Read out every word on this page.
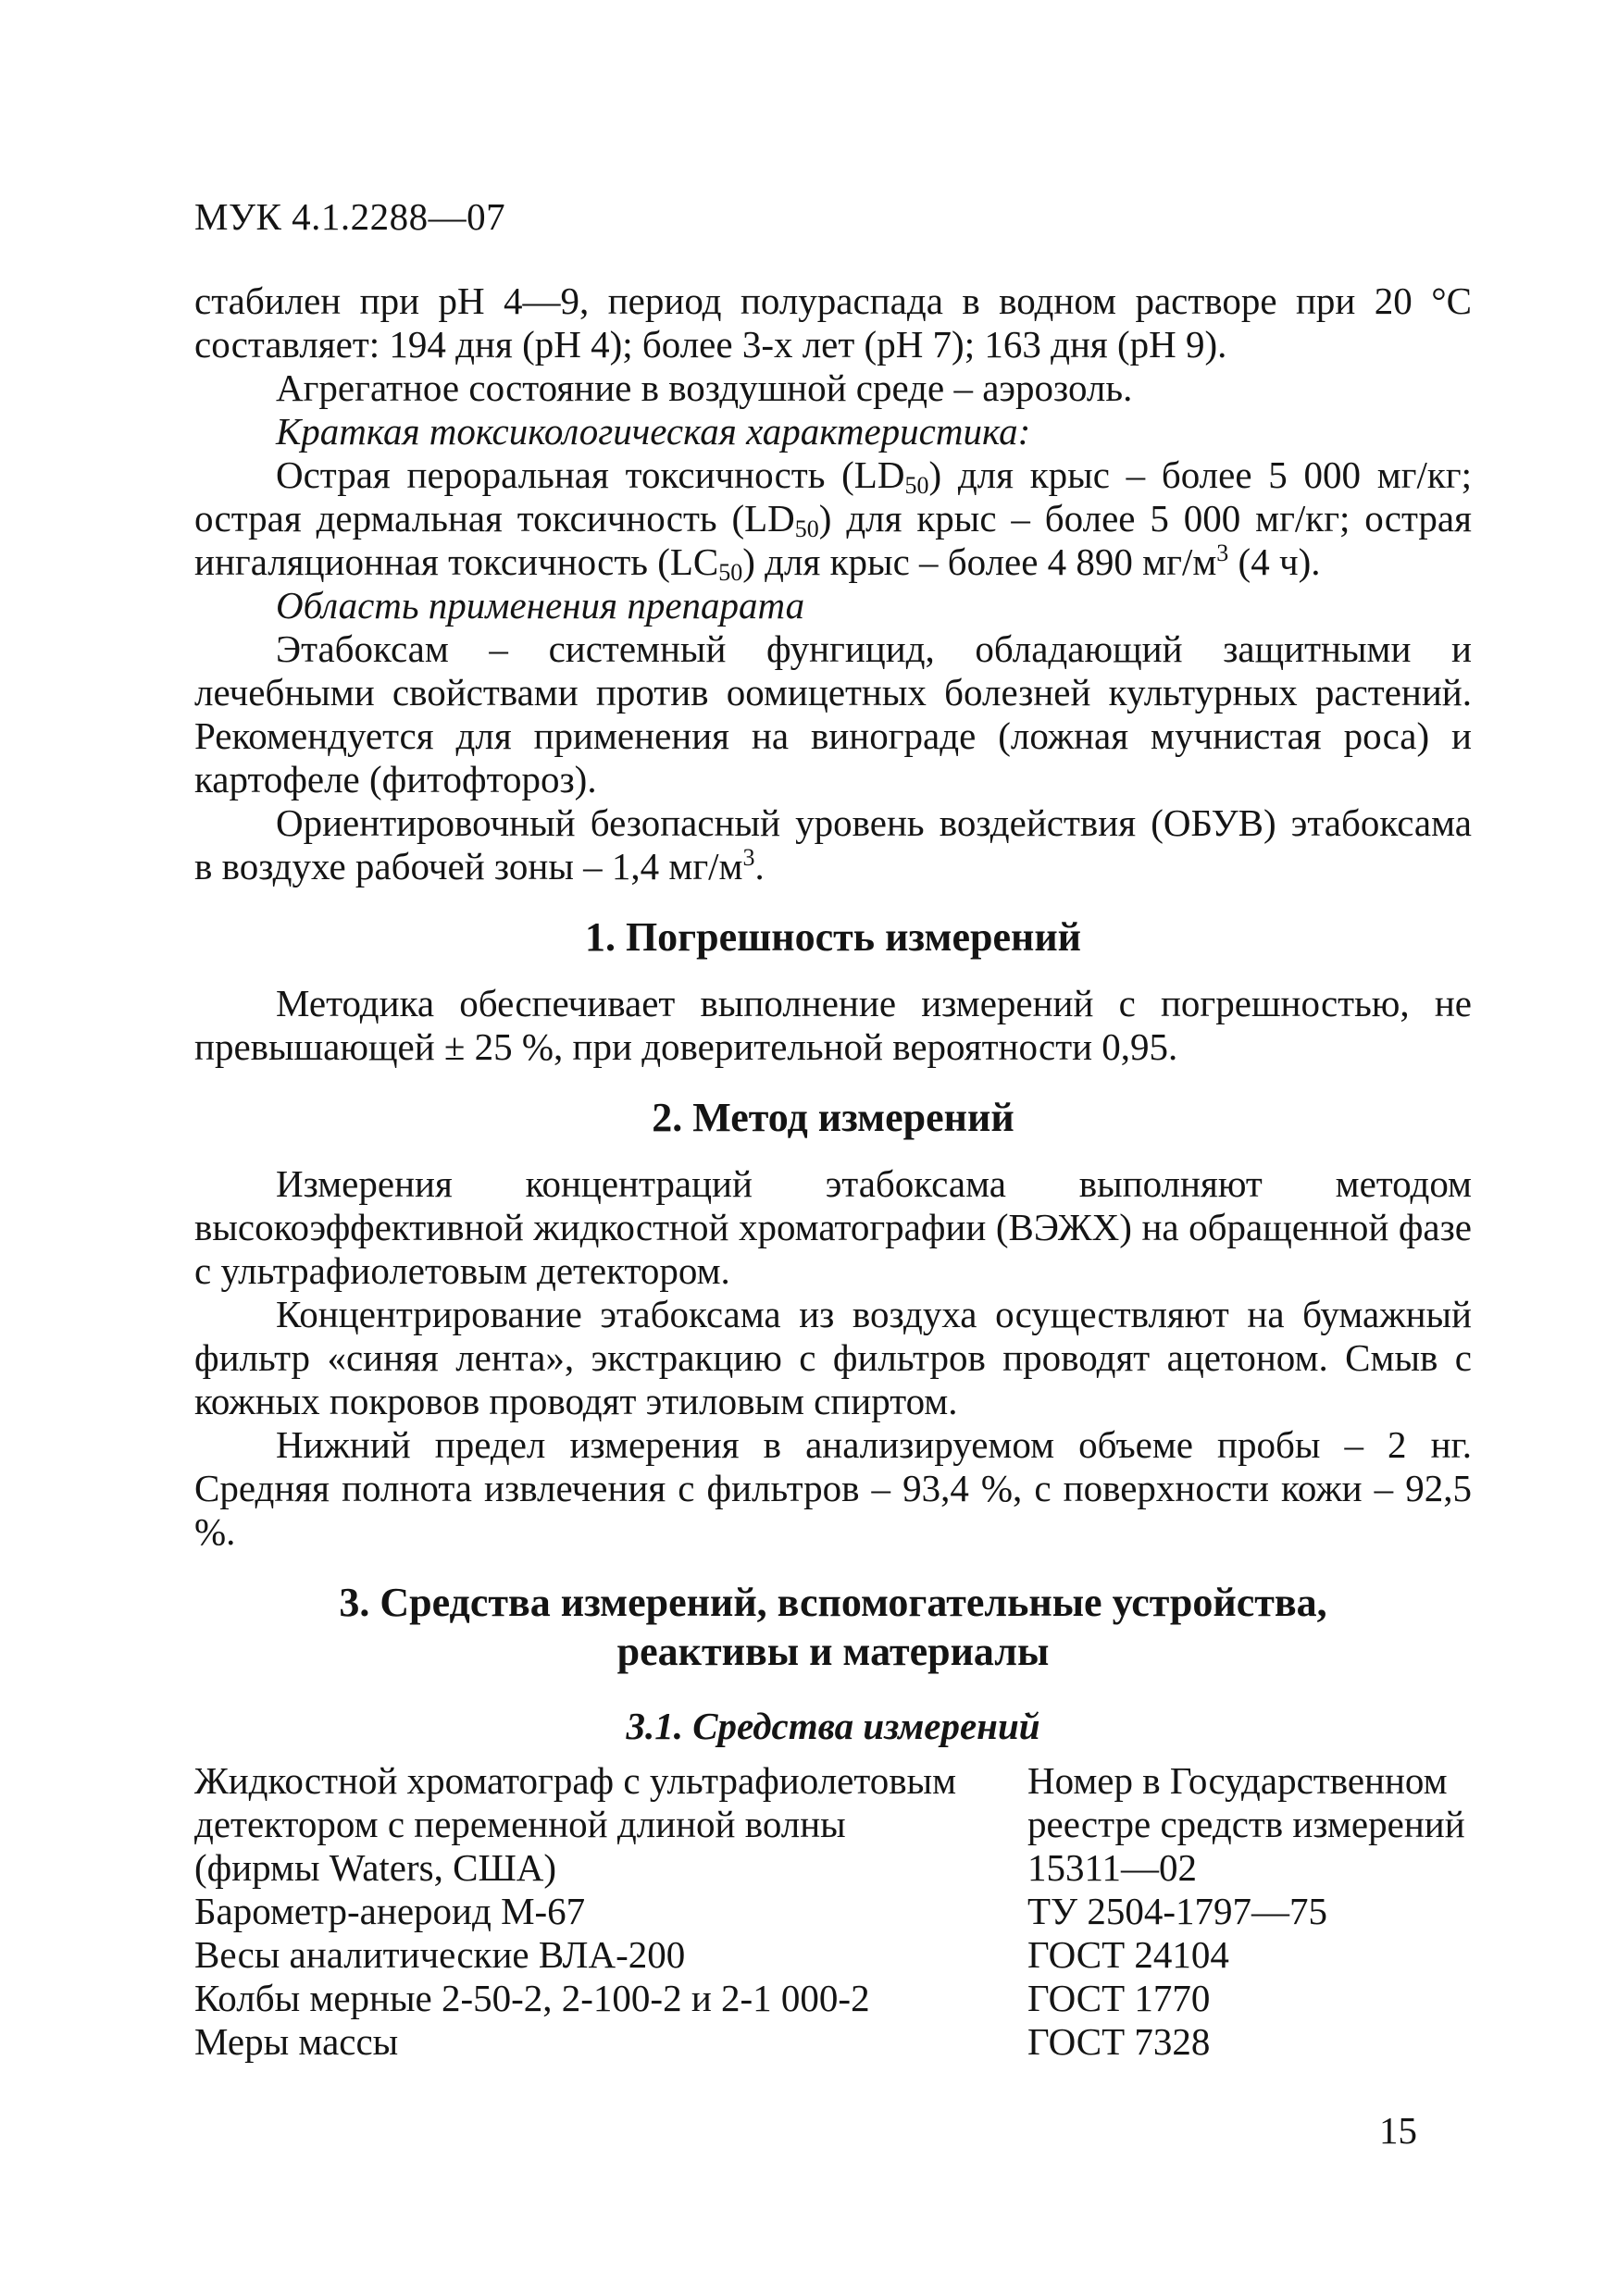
МУК 4.1.2288—07

стабилен при pH 4—9, период полураспада в водном растворе при 20 °С составляет: 194 дня (pH 4); более 3-х лет (pH 7); 163 дня (pH 9).

Агрегатное состояние в воздушной среде – аэрозоль.

Краткая токсикологическая характеристика:

Острая пероральная токсичность $(LD_{50})$ для крыс – более 5 000 мг/кг; острая дермальная токсичность $(LD_{50})$ для крыс – более 5 000 мг/кг; острая ингаляционная токсичность $(LC_{50})$ для крыс – более 4 890 $мг/м^3$ (4 ч).

Область применения препарата

Этабоксам – системный фунгицид, обладающий защитными и лечебными свойствами против оомицетных болезней культурных растений. Рекомендуется для применения на винограде (ложная мучнистая роса) и картофеле (фитофтороз).

Ориентировочный безопасный уровень воздействия (ОБУВ) этабоксама в воздухе рабочей зоны – 1,4 $мг/м^3$.

1. Погрешность измерений

Методика обеспечивает выполнение измерений с погрешностью, не превышающей ± 25 %, при доверительной вероятности 0,95.

2. Метод измерений

Измерения концентраций этабоксама выполняют методом высокоэффективной жидкостной хроматографии (ВЭЖХ) на обращенной фазе с ультрафиолетовым детектором.

Концентрирование этабоксама из воздуха осуществляют на бумажный фильтр «синяя лента», экстракцию с фильтров проводят ацетоном. Смыв с кожных покровов проводят этиловым спиртом.

Нижний предел измерения в анализируемом объеме пробы – 2 нг. Средняя полнота извлечения с фильтров – 93,4 %, с поверхности кожи – 92,5 %.

3. Средства измерений, вспомогательные устройства,
реактивы и материалы
3.1. Средства измерений
Жидкостной хроматограф с ультрафиолетовым	Номер в Государственном
детектором с переменной длиной волны	реестре средств измерений
(фирмы Waters, США)	15311—02
Барометр-анероид М-67	ТУ 2504-1797—75
Весы аналитические ВЛА-200	ГОСТ 24104
Колбы мерные 2-50-2, 2-100-2 и 2-1 000-2	ГОСТ 1770
Меры массы	ГОСТ 7328
15
